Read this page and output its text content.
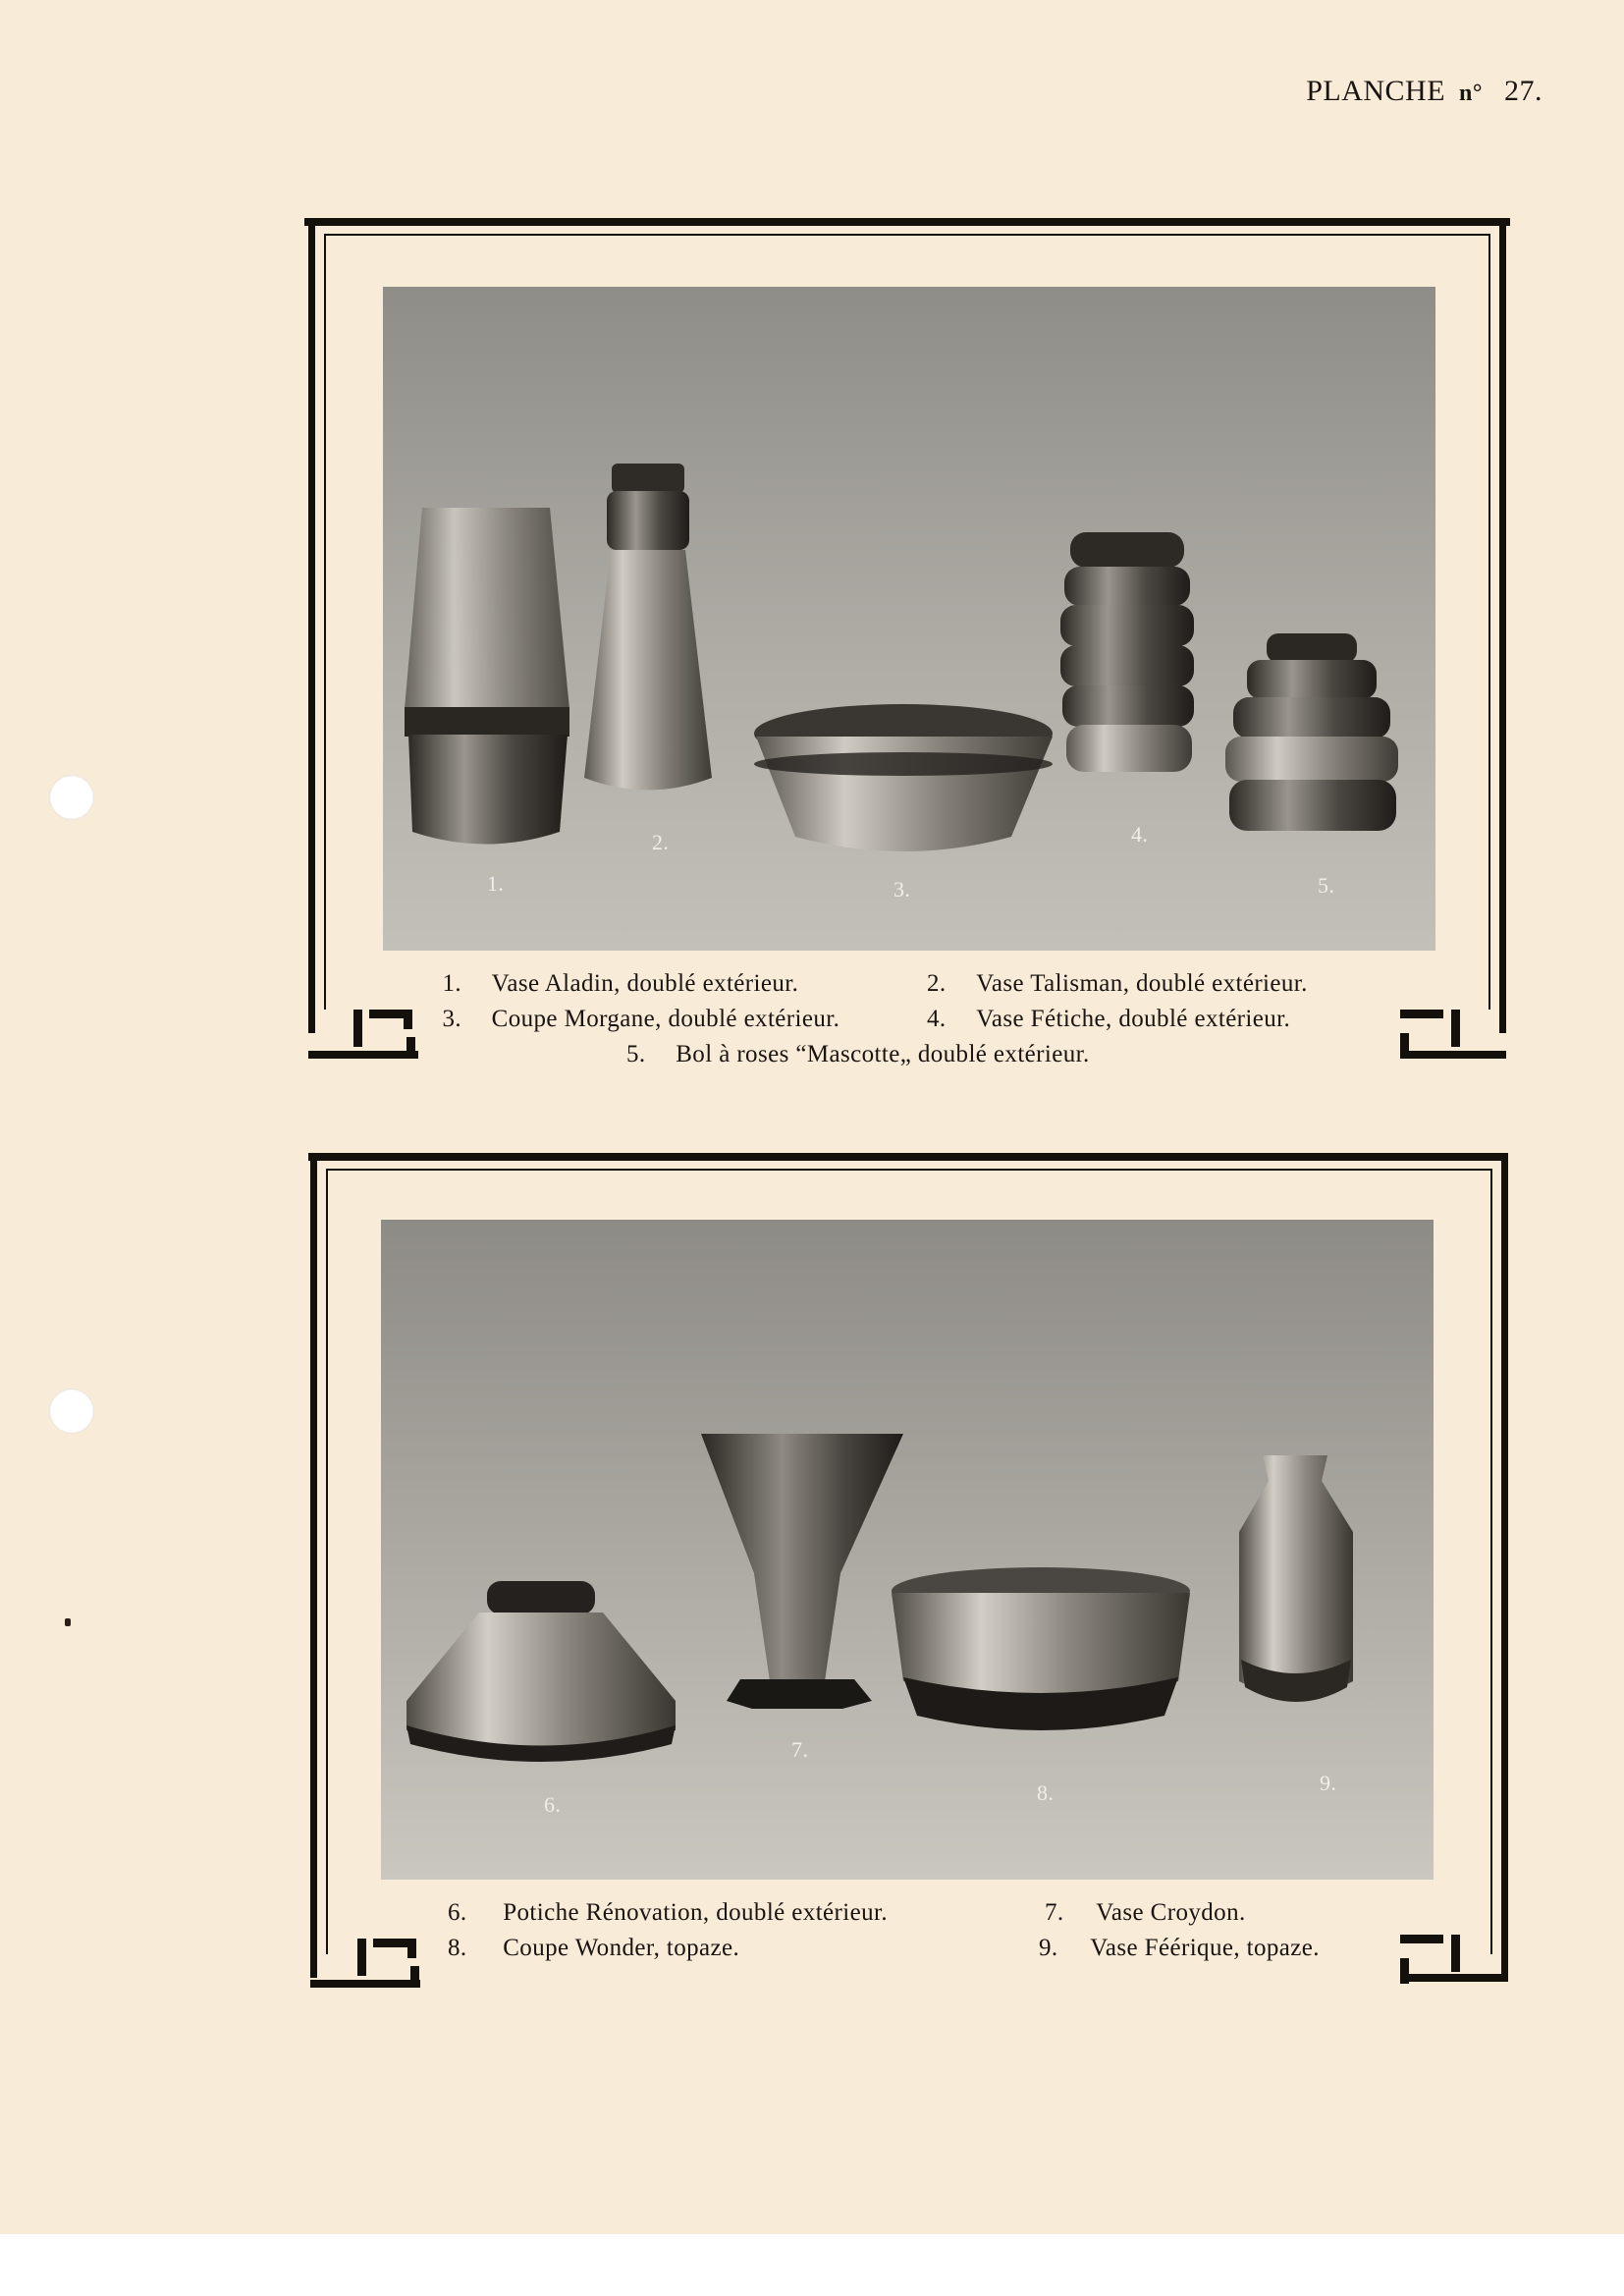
PLANCHE n° 27.
1.
2.
3.
4.
5.
1. Vase Aladin, doublé extérieur.	2. Vase Talisman, doublé extérieur.
3. Coupe Morgane, doublé extérieur.	4. Vase Fétiche, doublé extérieur.
5. Bol à roses “Mascotte„ doublé extérieur.
6.
7.
8.	9.
6. Potiche Rénovation, doublé extérieur.	7. Vase Croydon.
8. Coupe Wonder, topaze.	9. Vase Féérique, topaze.
